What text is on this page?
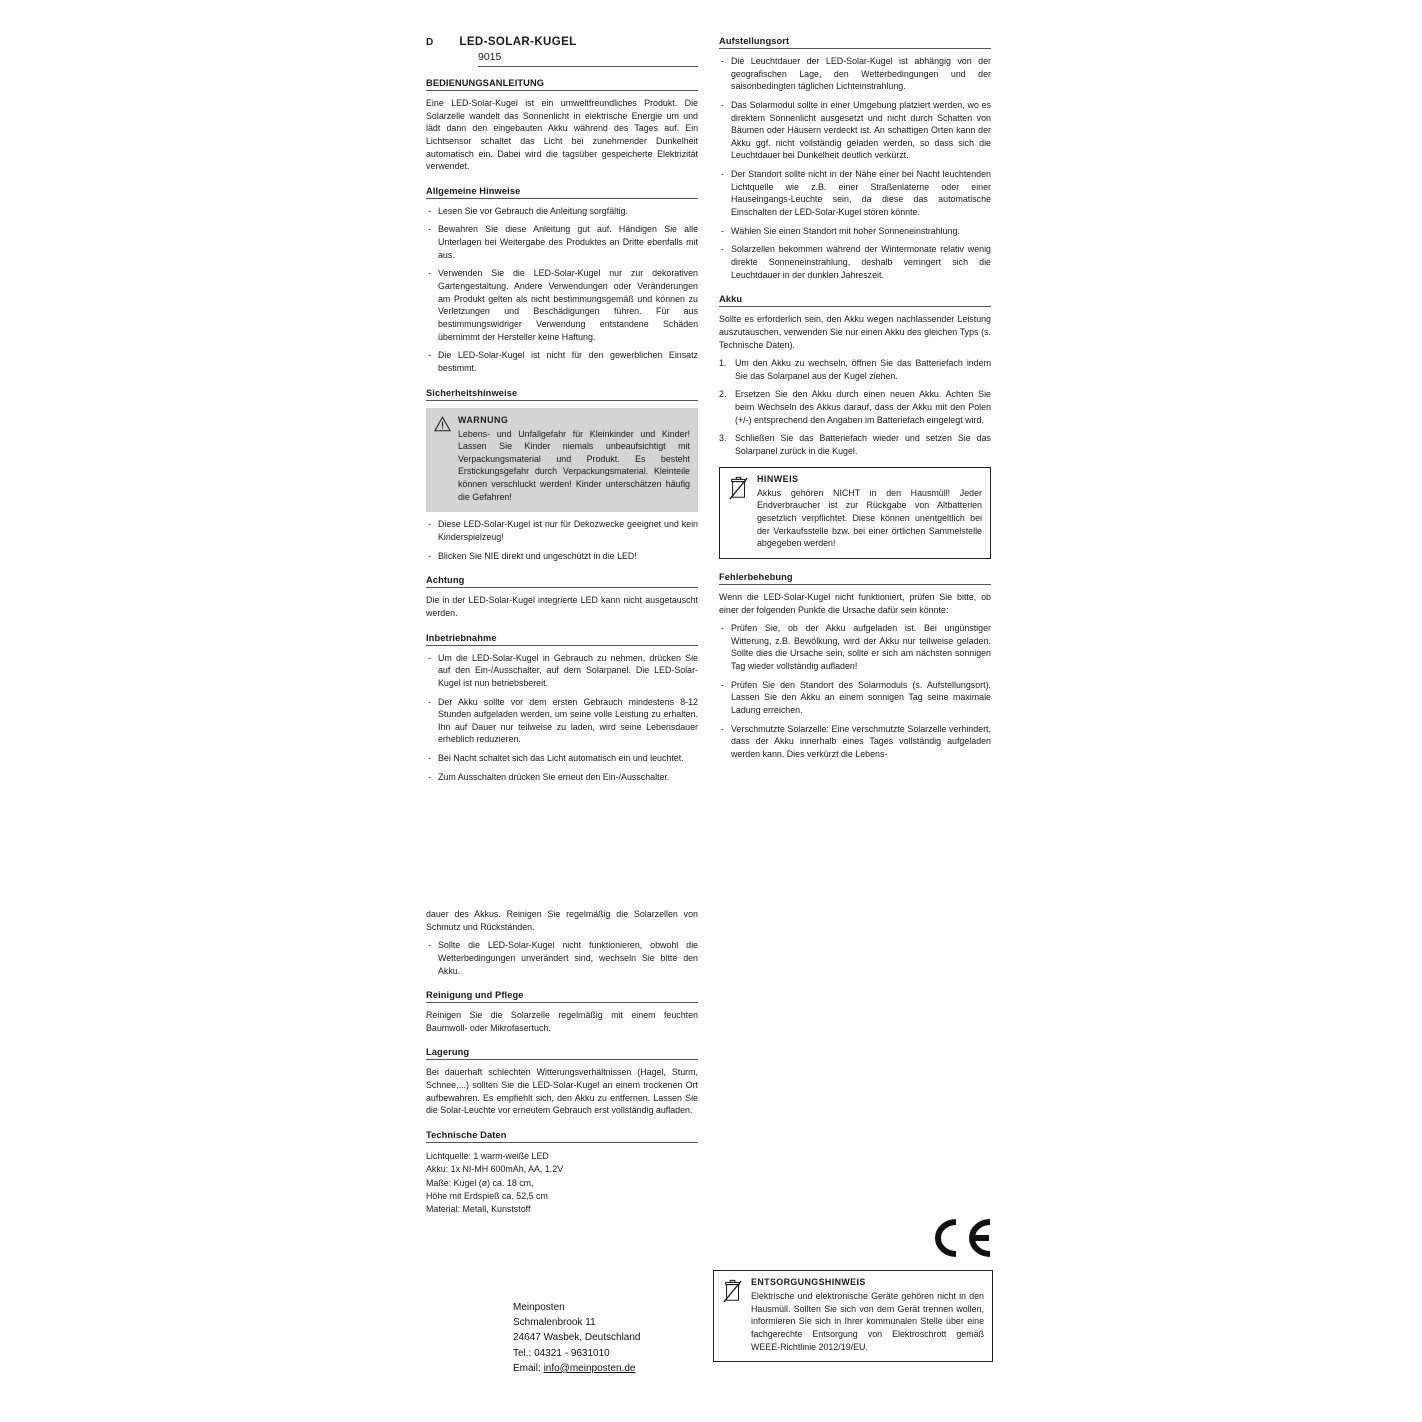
D LED-SOLAR-KUGEL
9015
BEDIENUNGSANLEITUNG

Eine LED-Solar-Kugel ist ein umweltfreundliches Produkt. Die Solarzelle wandelt das Sonnenlicht in elektrische Energie um und lädt dann den eingebauten Akku während des Tages auf. Ein Lichtsensor schaltet das Licht bei zunehmender Dunkelheit automatisch ein. Dabei wird die tagsüber gespeicherte Elektrizität verwendet.

Allgemeine Hinweise
- Lesen Sie vor Gebrauch die Anleitung sorgfältig.
- Bewahren Sie diese Anleitung gut auf. Händigen Sie alle Unterlagen bei Weitergabe des Produktes an Dritte ebenfalls mit aus.
- Verwenden Sie die LED-Solar-Kugel nur zur dekorativen Gartengestaltung. Andere Verwendungen oder Veränderungen am Produkt gelten als nicht bestimmungsgemäß und können zu Verletzungen und Beschädigungen führen. Für aus bestimmungswidriger Verwendung entstandene Schäden übernimmt der Hersteller keine Haftung.
- Die LED-Solar-Kugel ist nicht für den gewerblichen Einsatz bestimmt.
Sicherheitshinweise
WARNUNG

Lebens- und Unfallgefahr für Kleinkinder und Kinder! Lassen Sie Kinder niemals unbeaufsichtigt mit Verpackungsmaterial und Produkt. Es besteht Erstickungsgefahr durch Verpackungsmaterial. Kleinteile können verschluckt werden! Kinder unterschätzen häufig die Gefahren!

- Diese LED-Solar-Kugel ist nur für Dekozwecke geeignet und kein Kinderspielzeug!
- Blicken Sie NIE direkt und ungeschützt in die LED!
Achtung

Die in der LED-Solar-Kugel integrierte LED kann nicht ausgetauscht werden.

Inbetriebnahme
- Um die LED-Solar-Kugel in Gebrauch zu nehmen, drücken Sie auf den Ein-/Ausschalter, auf dem Solarpanel. Die LED-Solar-Kugel ist nun betriebsbereit.
- Der Akku sollte vor dem ersten Gebrauch mindestens 8-12 Stunden aufgeladen werden, um seine volle Leistung zu erhalten. Ihn auf Dauer nur teilweise zu laden, wird seine Lebensdauer erheblich reduzieren.
- Bei Nacht schaltet sich das Licht automatisch ein und leuchtet.
- Zum Ausschalten drücken Sie erneut den Ein-/Ausschalter.
Aufstellungsort
- Die Leuchtdauer der LED-Solar-Kugel ist abhängig von der geografischen Lage, den Wetterbedingungen und der saisonbedingten täglichen Lichteinstrahlung.
- Das Solarmodul sollte in einer Umgebung platziert werden, wo es direktem Sonnenlicht ausgesetzt und nicht durch Schatten von Bäumen oder Häusern verdeckt ist. An schattigen Orten kann der Akku ggf. nicht vollständig geladen werden, so dass sich die Leuchtdauer bei Dunkelheit deutlich verkürzt.
- Der Standort sollte nicht in der Nähe einer bei Nacht leuchtenden Lichtquelle wie z.B. einer Straßenlaterne oder einer Hauseingangs-Leuchte sein, da diese das automatische Einschalten der LED-Solar-Kugel stören könnte.
- Wählen Sie einen Standort mit hoher Sonneneinstrahlung.
- Solarzellen bekommen während der Wintermonate relativ wenig direkte Sonneneinstrahlung, deshalb verringert sich die Leuchtdauer in der dunklen Jahreszeit.
Akku

Sollte es erforderlich sein, den Akku wegen nachlassender Leistung auszutauschen, verwenden Sie nur einen Akku des gleichen Typs (s. Technische Daten).

Um den Akku zu wechseln, öffnen Sie das Batteriefach indem Sie das Solarpanel aus der Kugel ziehen.
Ersetzen Sie den Akku durch einen neuen Akku. Achten Sie beim Wechseln des Akkus darauf, dass der Akku mit den Polen (+/-) entsprechend den Angaben im Batteriefach eingelegt wird.
Schließen Sie das Batteriefach wieder und setzen Sie das Solarpanel zurück in die Kugel.
HINWEIS

Akkus gehören NICHT in den Hausmüll! Jeder Endverbraucher ist zur Rückgabe von Altbatterien gesetzlich verpflichtet. Diese können unentgeltlich bei der Verkaufsstelle bzw. bei einer örtlichen Sammelstelle abgegeben werden!

Fehlerbehebung

Wenn die LED-Solar-Kugel nicht funktioniert, prüfen Sie bitte, ob einer der folgenden Punkte die Ursache dafür sein könnte:

- Prüfen Sie, ob der Akku aufgeladen ist. Bei ungünstiger Witterung, z.B. Bewölkung, wird der Akku nur teilweise geladen. Sollte dies die Ursache sein, sollte er sich am nächsten sonnigen Tag wieder vollständig aufladen!
- Prüfen Sie den Standort des Solarmoduls (s. Aufstellungsort). Lassen Sie den Akku an einem sonnigen Tag seine maximale Ladung erreichen.
- Verschmutzte Solarzelle: Eine verschmutzte Solarzelle verhindert, dass der Akku innerhalb eines Tages vollständig aufgeladen werden kann. Dies verkürzt die Lebens-

dauer des Akkus. Reinigen Sie regelmäßig die Solarzellen von Schmutz und Rückständen.

- Sollte die LED-Solar-Kugel nicht funktionieren, obwohl die Wetterbedingungen unverändert sind, wechseln Sie bitte den Akku.
Reinigung und Pflege

Reinigen Sie die Solarzelle regelmäßig mit einem feuchten Baumwoll- oder Mikrofasertuch.

Lagerung

Bei dauerhaft schlechten Witterungsverhältnissen (Hagel, Sturm, Schnee,...) sollten Sie die LED-Solar-Kugel an einem trockenen Ort aufbewahren. Es empfiehlt sich, den Akku zu entfernen. Lassen Sie die Solar-Leuchte vor erneutem Gebrauch erst vollständig aufladen.

Technische Daten
Lichtquelle: 1 warm-weiße LED
Akku: 1x NI-MH 600mAh, AA, 1.2V
Maße: Kugel (ø) ca. 18 cm,
Höhe mit Erdspieß ca. 52,5 cm
Material: Metall, Kunststoff
Meinposten
Schmalenbrook 11
24647 Wasbek, Deutschland
Tel.: 04321 - 9631010
Email: info@meinposten.de
ENTSORGUNGSHINWEIS

Elektrische und elektronische Geräte gehören nicht in den Hausmüll. Sollten Sie sich von dem Gerät trennen wollen, informieren Sie sich in Ihrer kommunalen Stelle über eine fachgerechte Entsorgung von Elektroschrott gemäß WEEE-Richtlinie 2012/19/EU.
